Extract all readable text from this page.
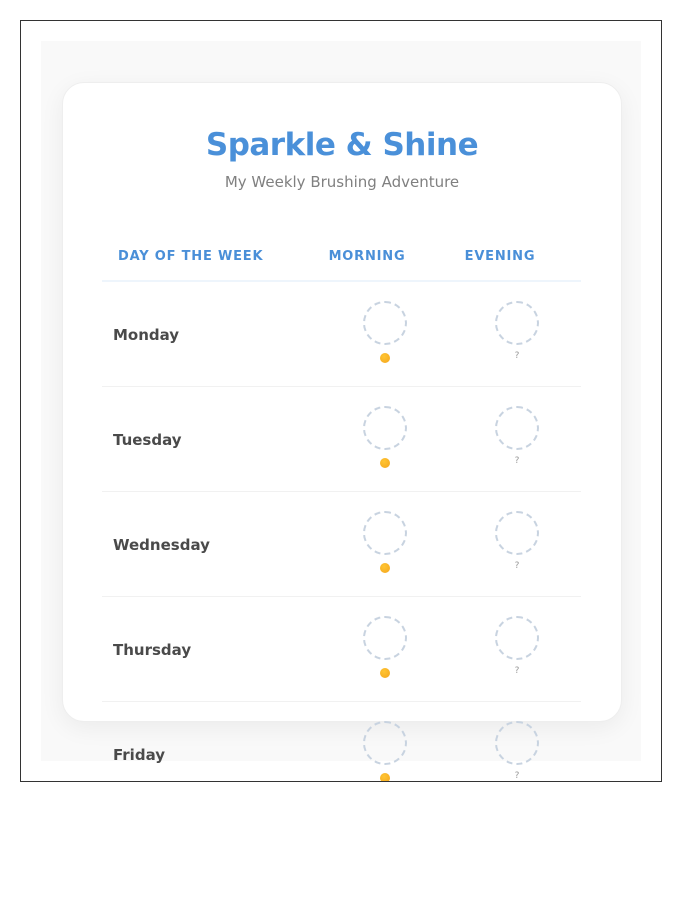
Sparkle & Shine
My Weekly Brushing Adventure
DAY OF THE WEEK	MORNING	EVENING
Monday
?
Tuesday
?
Wednesday
?
Thursday
?
Friday
?
